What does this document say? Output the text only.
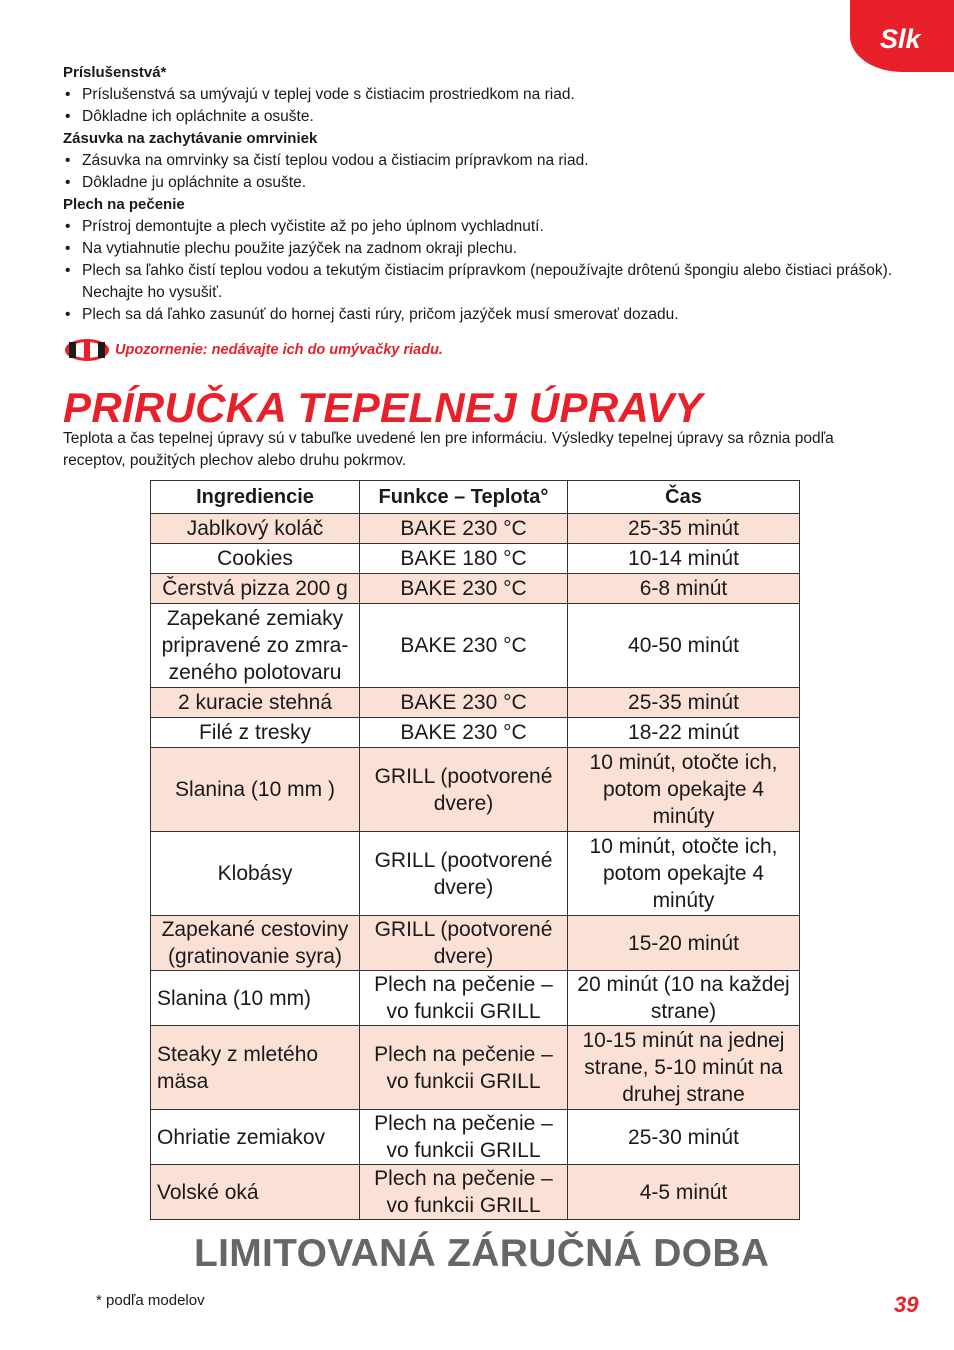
Slk
Príslušenstvá*
• Príslušenstvá sa umývajú v teplej vode s čistiacim prostriedkom na riad.
• Dôkladne ich opláchnite a osušte.
Zásuvka na zachytávanie omrviniek
• Zásuvka na omrvinky sa čistí teplou vodou a čistiacim prípravkom na riad.
• Dôkladne ju opláchnite a osušte.
Plech na pečenie
• Prístroj demontujte a plech vyčistite až po jeho úplnom vychladnutí.
• Na vytiahnutie plechu použite jazýček na zadnom okraji plechu.
• Plech sa ľahko čistí teplou vodou a tekutým čistiacim prípravkom (nepoužívajte drôtenú špongiu alebo čistiaci prášok). Nechajte ho vysušiť.
• Plech sa dá ľahko zasunúť do hornej časti rúry, pričom jazýček musí smerovať dozadu.
Upozornenie: nedávajte ich do umývačky riadu.
PRÍRUČKA TEPELNEJ ÚPRAVY
Teplota a čas tepelnej úpravy sú v tabuľke uvedené len pre informáciu. Výsledky tepelnej úpravy sa rôznia podľa receptov, použitých plechov alebo druhu pokrmov.
Ingrediencie	Funkce – Teplota°	Čas
Jablkový koláč	BAKE 230 °C	25-35 minút
Cookies	BAKE 180 °C	10-14 minút
Čerstvá pizza 200 g	BAKE 230 °C	6-8 minút
Zapekané zemiaky pripravené zo zmra-zeného polotovaru	BAKE 230 °C	40-50 minút
2 kuracie stehná	BAKE 230 °C	25-35 minút
Filé z tresky	BAKE 230 °C	18-22 minút
Slanina (10 mm )	GRILL (pootvorené dvere)	10 minút, otočte ich, potom opekajte 4 minúty
Klobásy	GRILL (pootvorené dvere)	10 minút, otočte ich, potom opekajte 4 minúty
Zapekané cestoviny (gratinovanie syra)	GRILL (pootvorené dvere)	15-20 minút
Slanina (10 mm)	Plech na pečenie – vo funkcii GRILL	20 minút (10 na každej strane)
Steaky z mletého mäsa	Plech na pečenie – vo funkcii GRILL	10-15 minút na jednej strane, 5-10 minút na druhej strane
Ohriatie zemiakov	Plech na pečenie – vo funkcii GRILL	25-30 minút
Volské oká	Plech na pečenie – vo funkcii GRILL	4-5 minút
LIMITOVANÁ ZÁRUČNÁ DOBA
* podľa modelov	39
